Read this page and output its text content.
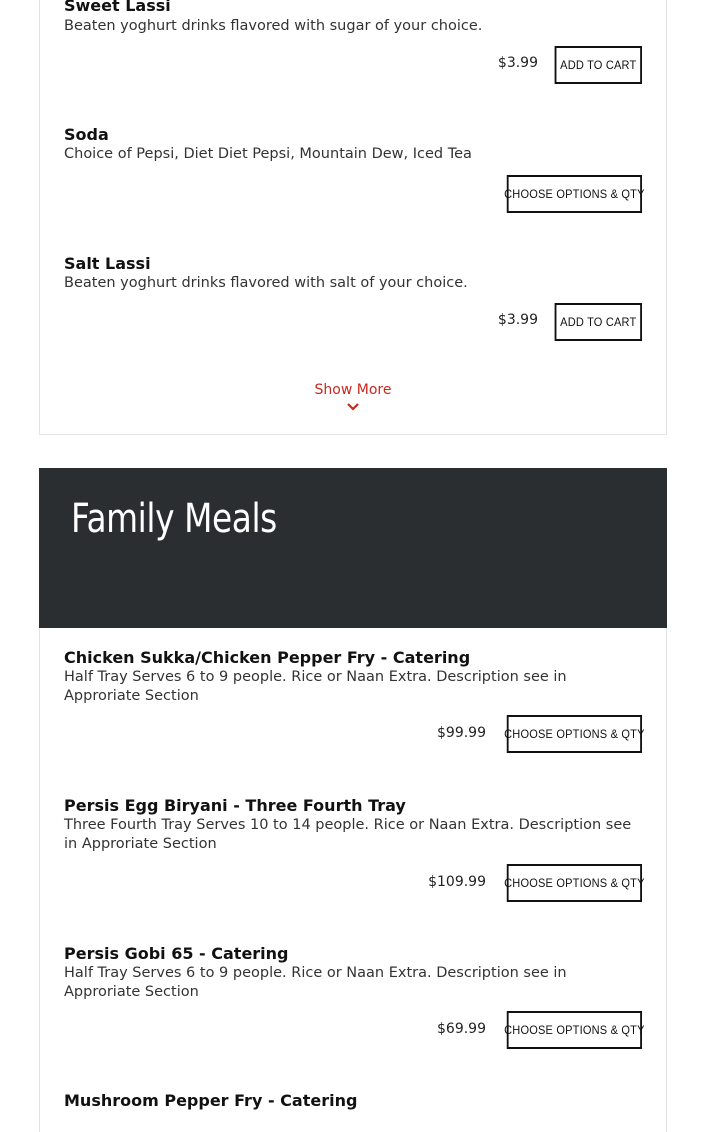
Sweet Lassi
Beaten yoghurt drinks flavored with sugar of your choice.
$3.99	ADD TO CART
Soda
Choice of Pepsi, Diet Diet Pepsi, Mountain Dew, Iced Tea
CHOOSE OPTIONS & QTY
Salt Lassi
Beaten yoghurt drinks flavored with salt of your choice.
$3.99	ADD TO CART
Show More
Family Meals
Chicken Sukka/Chicken Pepper Fry - Catering
Half Tray Serves 6 to 9 people. Rice or Naan Extra. Description see in Approriate Section
$99.99 CHOOSE OPTIONS & QTY
Persis Egg Biryani - Three Fourth Tray
Three Fourth Tray Serves 10 to 14 people. Rice or Naan Extra. Description see in Approriate Section
$109.99 CHOOSE OPTIONS & QTY
Persis Gobi 65 - Catering
Half Tray Serves 6 to 9 people. Rice or Naan Extra. Description see in Approriate Section
$69.99 CHOOSE OPTIONS & QTY
Mushroom Pepper Fry - Catering
